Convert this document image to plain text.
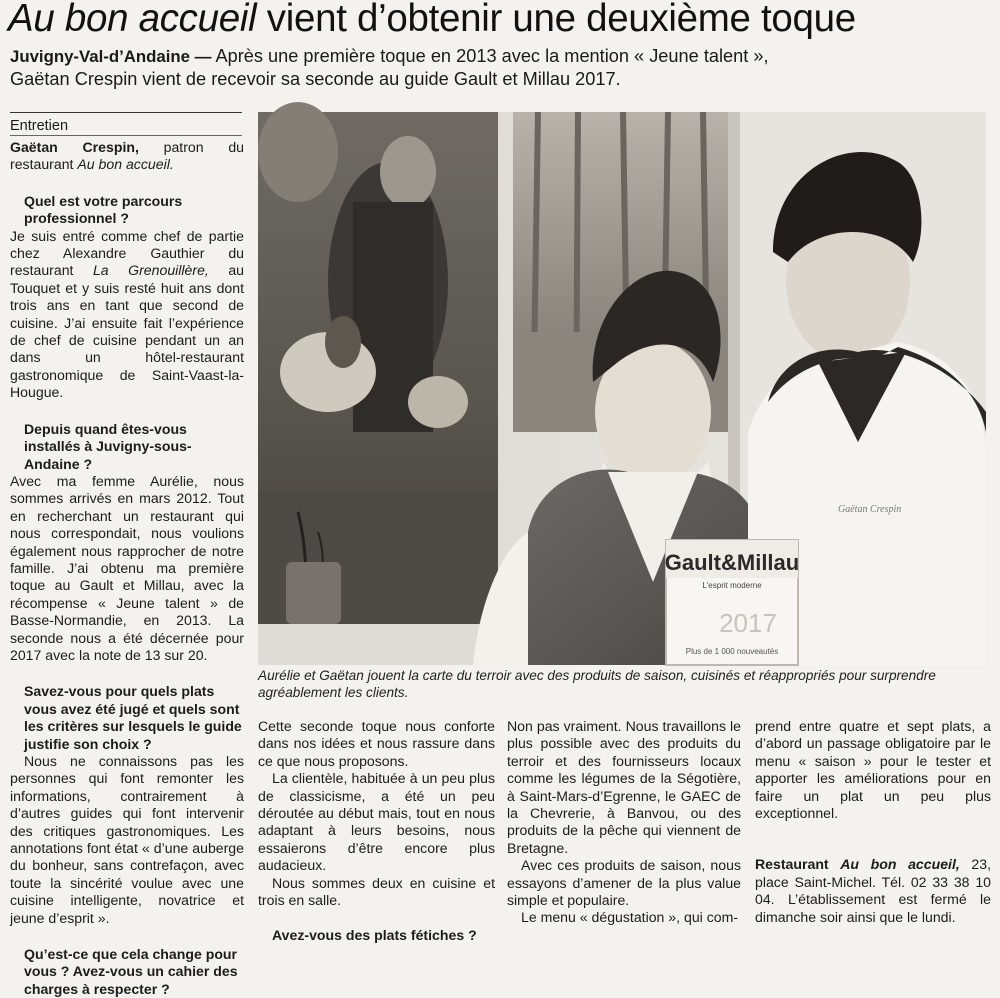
Au bon accueil vient d’obtenir une deuxième toque
Juvigny-Val-d’Andaine — Après une première toque en 2013 avec la mention « Jeune talent »,
Gaëtan Crespin vient de recevoir sa seconde au guide Gault et Millau 2017.

Entretien

Gaëtan Crespin, patron du restaurant Au bon accueil.

Quel est votre parcours professionnel ?

Je suis entré comme chef de partie chez Alexandre Gauthier du restaurant La Grenouillère, au Touquet et y suis resté huit ans dont trois ans en tant que second de cuisine. J’ai ensuite fait l’expérience de chef de cuisine pendant un an dans un hôtel-restaurant gastronomique de Saint-Vaast-la-Hougue.

Depuis quand êtes-vous installés à Juvigny-sous-Andaine ?

Avec ma femme Aurélie, nous sommes arrivés en mars 2012. Tout en recherchant un restaurant qui nous correspondait, nous voulions également nous rapprocher de notre famille. J’ai obtenu ma première toque au Gault et Millau, avec la récompense « Jeune talent » de Basse-Normandie, en 2013. La seconde nous a été décernée pour 2017 avec la note de 13 sur 20.

Savez-vous pour quels plats vous avez été jugé et quels sont les critères sur lesquels le guide justifie son choix ?

Nous ne connaissons pas les personnes qui font remonter les informations, contrairement à d’autres guides qui font intervenir des critiques gastronomiques. Les annotations font état « d’une auberge du bonheur, sans contrefaçon, avec toute la sincérité voulue avec une cuisine intelligente, novatrice et jeune d’esprit ».

Qu’est-ce que cela change pour vous ? Avez-vous un cahier des charges à respecter ?

Gault&Millau
L'esprit moderne
2017
Plus de 1 000 nouveautés
Gaëtan Crespin

Aurélie et Gaëtan jouent la carte du terroir avec des produits de saison, cuisinés et réappropriés pour surprendre agréablement les clients.

Cette seconde toque nous conforte dans nos idées et nous rassure dans ce que nous proposons.

La clientèle, habituée à un peu plus de classicisme, a été un peu déroutée au début mais, tout en nous adaptant à leurs besoins, nous essaierons d’être encore plus audacieux.

Nous sommes deux en cuisine et trois en salle.

Avez-vous des plats fétiches ?

Non pas vraiment. Nous travaillons le plus possible avec des produits du terroir et des fournisseurs locaux comme les légumes de la Ségotière, à Saint-Mars-d’Egrenne, le GAEC de la Chevrerie, à Banvou, ou des produits de la pêche qui viennent de Bretagne.

Avec ces produits de saison, nous essayons d’amener de la plus value simple et populaire.

Le menu « dégustation », qui com-

prend entre quatre et sept plats, a d’abord un passage obligatoire par le menu « saison » pour le tester et apporter les améliorations pour en faire un plat un peu plus exceptionnel.

Restaurant Au bon accueil, 23, place Saint-Michel. Tél. 02 33 38 10 04. L’établissement est fermé le dimanche soir ainsi que le lundi.
